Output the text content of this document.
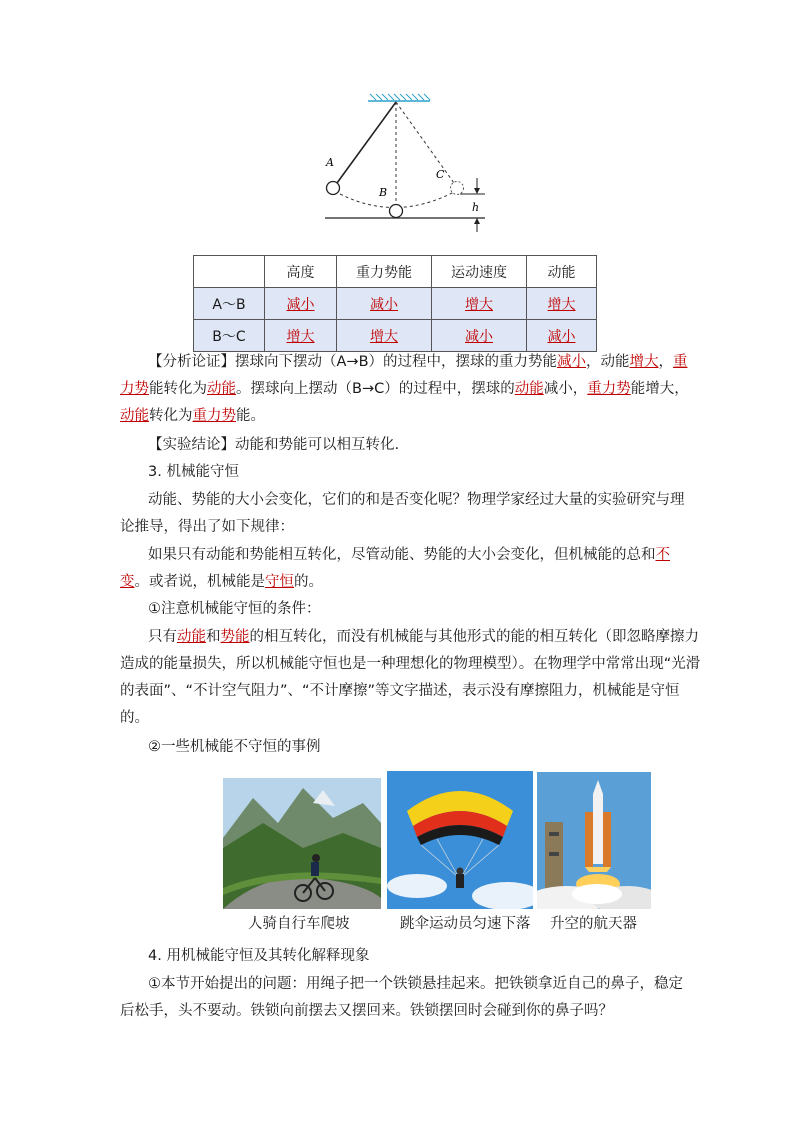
A
B
C
h
	高度	重力势能	运动速度	动能
A～B	减小	减小	增大	增大
B～C	增大	增大	减小	减小
【分析论证】摆球向下摆动（A→B）的过程中，摆球的重力势能减小，动能增大，重
力势能转化为动能。摆球向上摆动（B→C）的过程中，摆球的动能减小，重力势能增大，
动能转化为重力势能。
【实验结论】动能和势能可以相互转化.
3. 机械能守恒
动能、势能的大小会变化，它们的和是否变化呢？物理学家经过大量的实验研究与理
论推导，得出了如下规律：
如果只有动能和势能相互转化，尽管动能、势能的大小会变化，但机械能的总和不
变。或者说，机械能是守恒的。
①注意机械能守恒的条件：
只有动能和势能的相互转化，而没有机械能与其他形式的能的相互转化（即忽略摩擦力
造成的能量损失，所以机械能守恒也是一种理想化的物理模型）。在物理学中常常出现“光滑
的表面”、“不计空气阻力”、“不计摩擦”等文字描述，表示没有摩擦阻力，机械能是守恒
的。
②一些机械能不守恒的事例
人骑自行车爬坡	跳伞运动员匀速下落 升空的航天器
4. 用机械能守恒及其转化解释现象
①本节开始提出的问题：用绳子把一个铁锁悬挂起来。把铁锁拿近自己的鼻子，稳定
后松手，头不要动。铁锁向前摆去又摆回来。铁锁摆回时会碰到你的鼻子吗？
